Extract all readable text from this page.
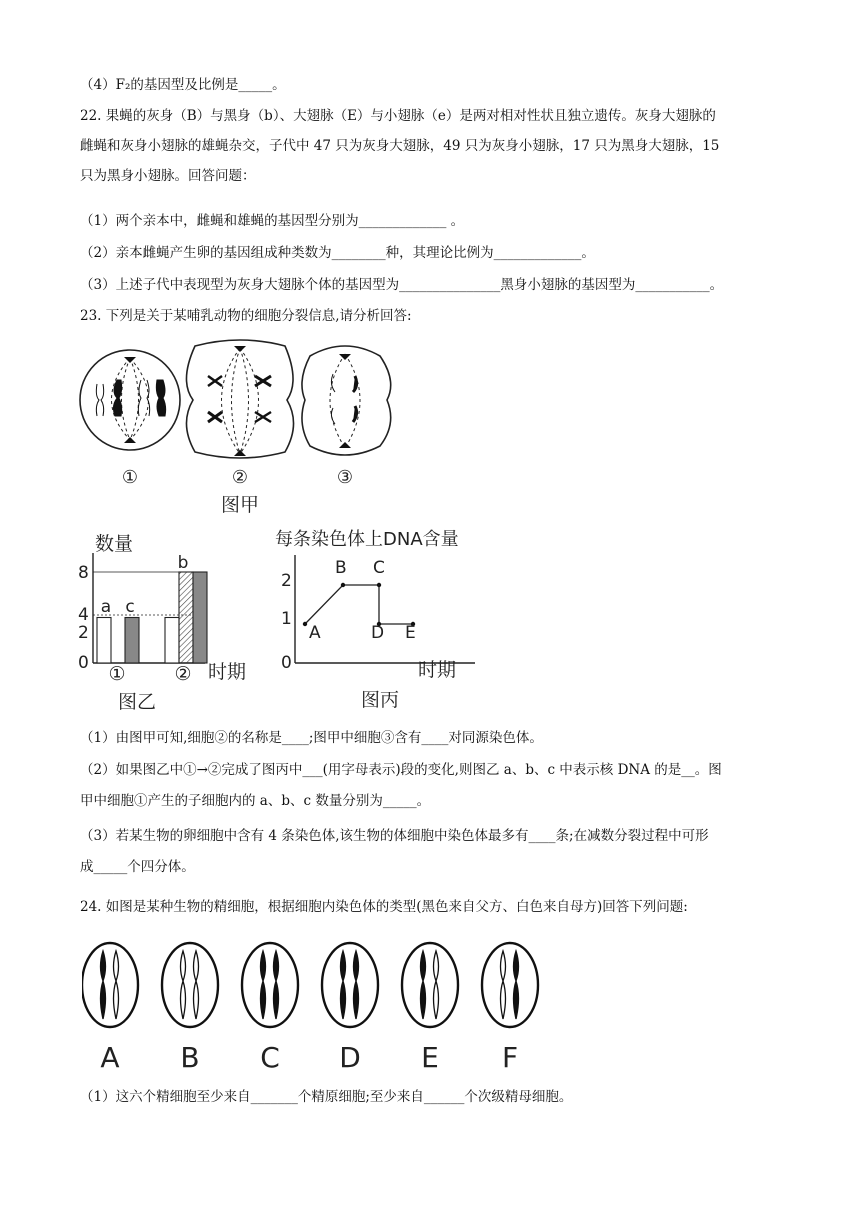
（4）F₂的基因型及比例是_____。
22. 果蝇的灰身（B）与黑身（b）、大翅脉（E）与小翅脉（e）是两对相对性状且独立遗传。灰身大翅脉的
雌蝇和灰身小翅脉的雄蝇杂交，子代中 47 只为灰身大翅脉，49 只为灰身小翅脉，17 只为黑身大翅脉，15
只为黑身小翅脉。回答问题：
（1）两个亲本中，雌蝇和雄蝇的基因型分别为_____________ 。
（2）亲本雌蝇产生卵的基因组成种类数为________种，其理论比例为_____________。
（3）上述子代中表现型为灰身大翅脉个体的基因型为_______________黑身小翅脉的基因型为___________。
23. 下列是关于某哺乳动物的细胞分裂信息,请分析回答:
①	②
图甲
③
数量
8
4
2
0
a c
b
①	② 时期
图乙
每条染色体上DNA含量
2
1
0
A
B C
D E
时期
图丙
（1）由图甲可知,细胞②的名称是____;图甲中细胞③含有____对同源染色体。
（2）如果图乙中①→②完成了图丙中___(用字母表示)段的变化,则图乙 a、b、c 中表示核 DNA 的是__。图
甲中细胞①产生的子细胞内的 a、b、c 数量分别为_____。
（3）若某生物的卵细胞中含有 4 条染色体,该生物的体细胞中染色体最多有____条;在减数分裂过程中可形
成_____个四分体。
24. 如图是某种生物的精细胞，根据细胞内染色体的类型(黑色来自父方、白色来自母方)回答下列问题:
A B C D E F
（1）这六个精细胞至少来自_______个精原细胞;至少来自______个次级精母细胞。
